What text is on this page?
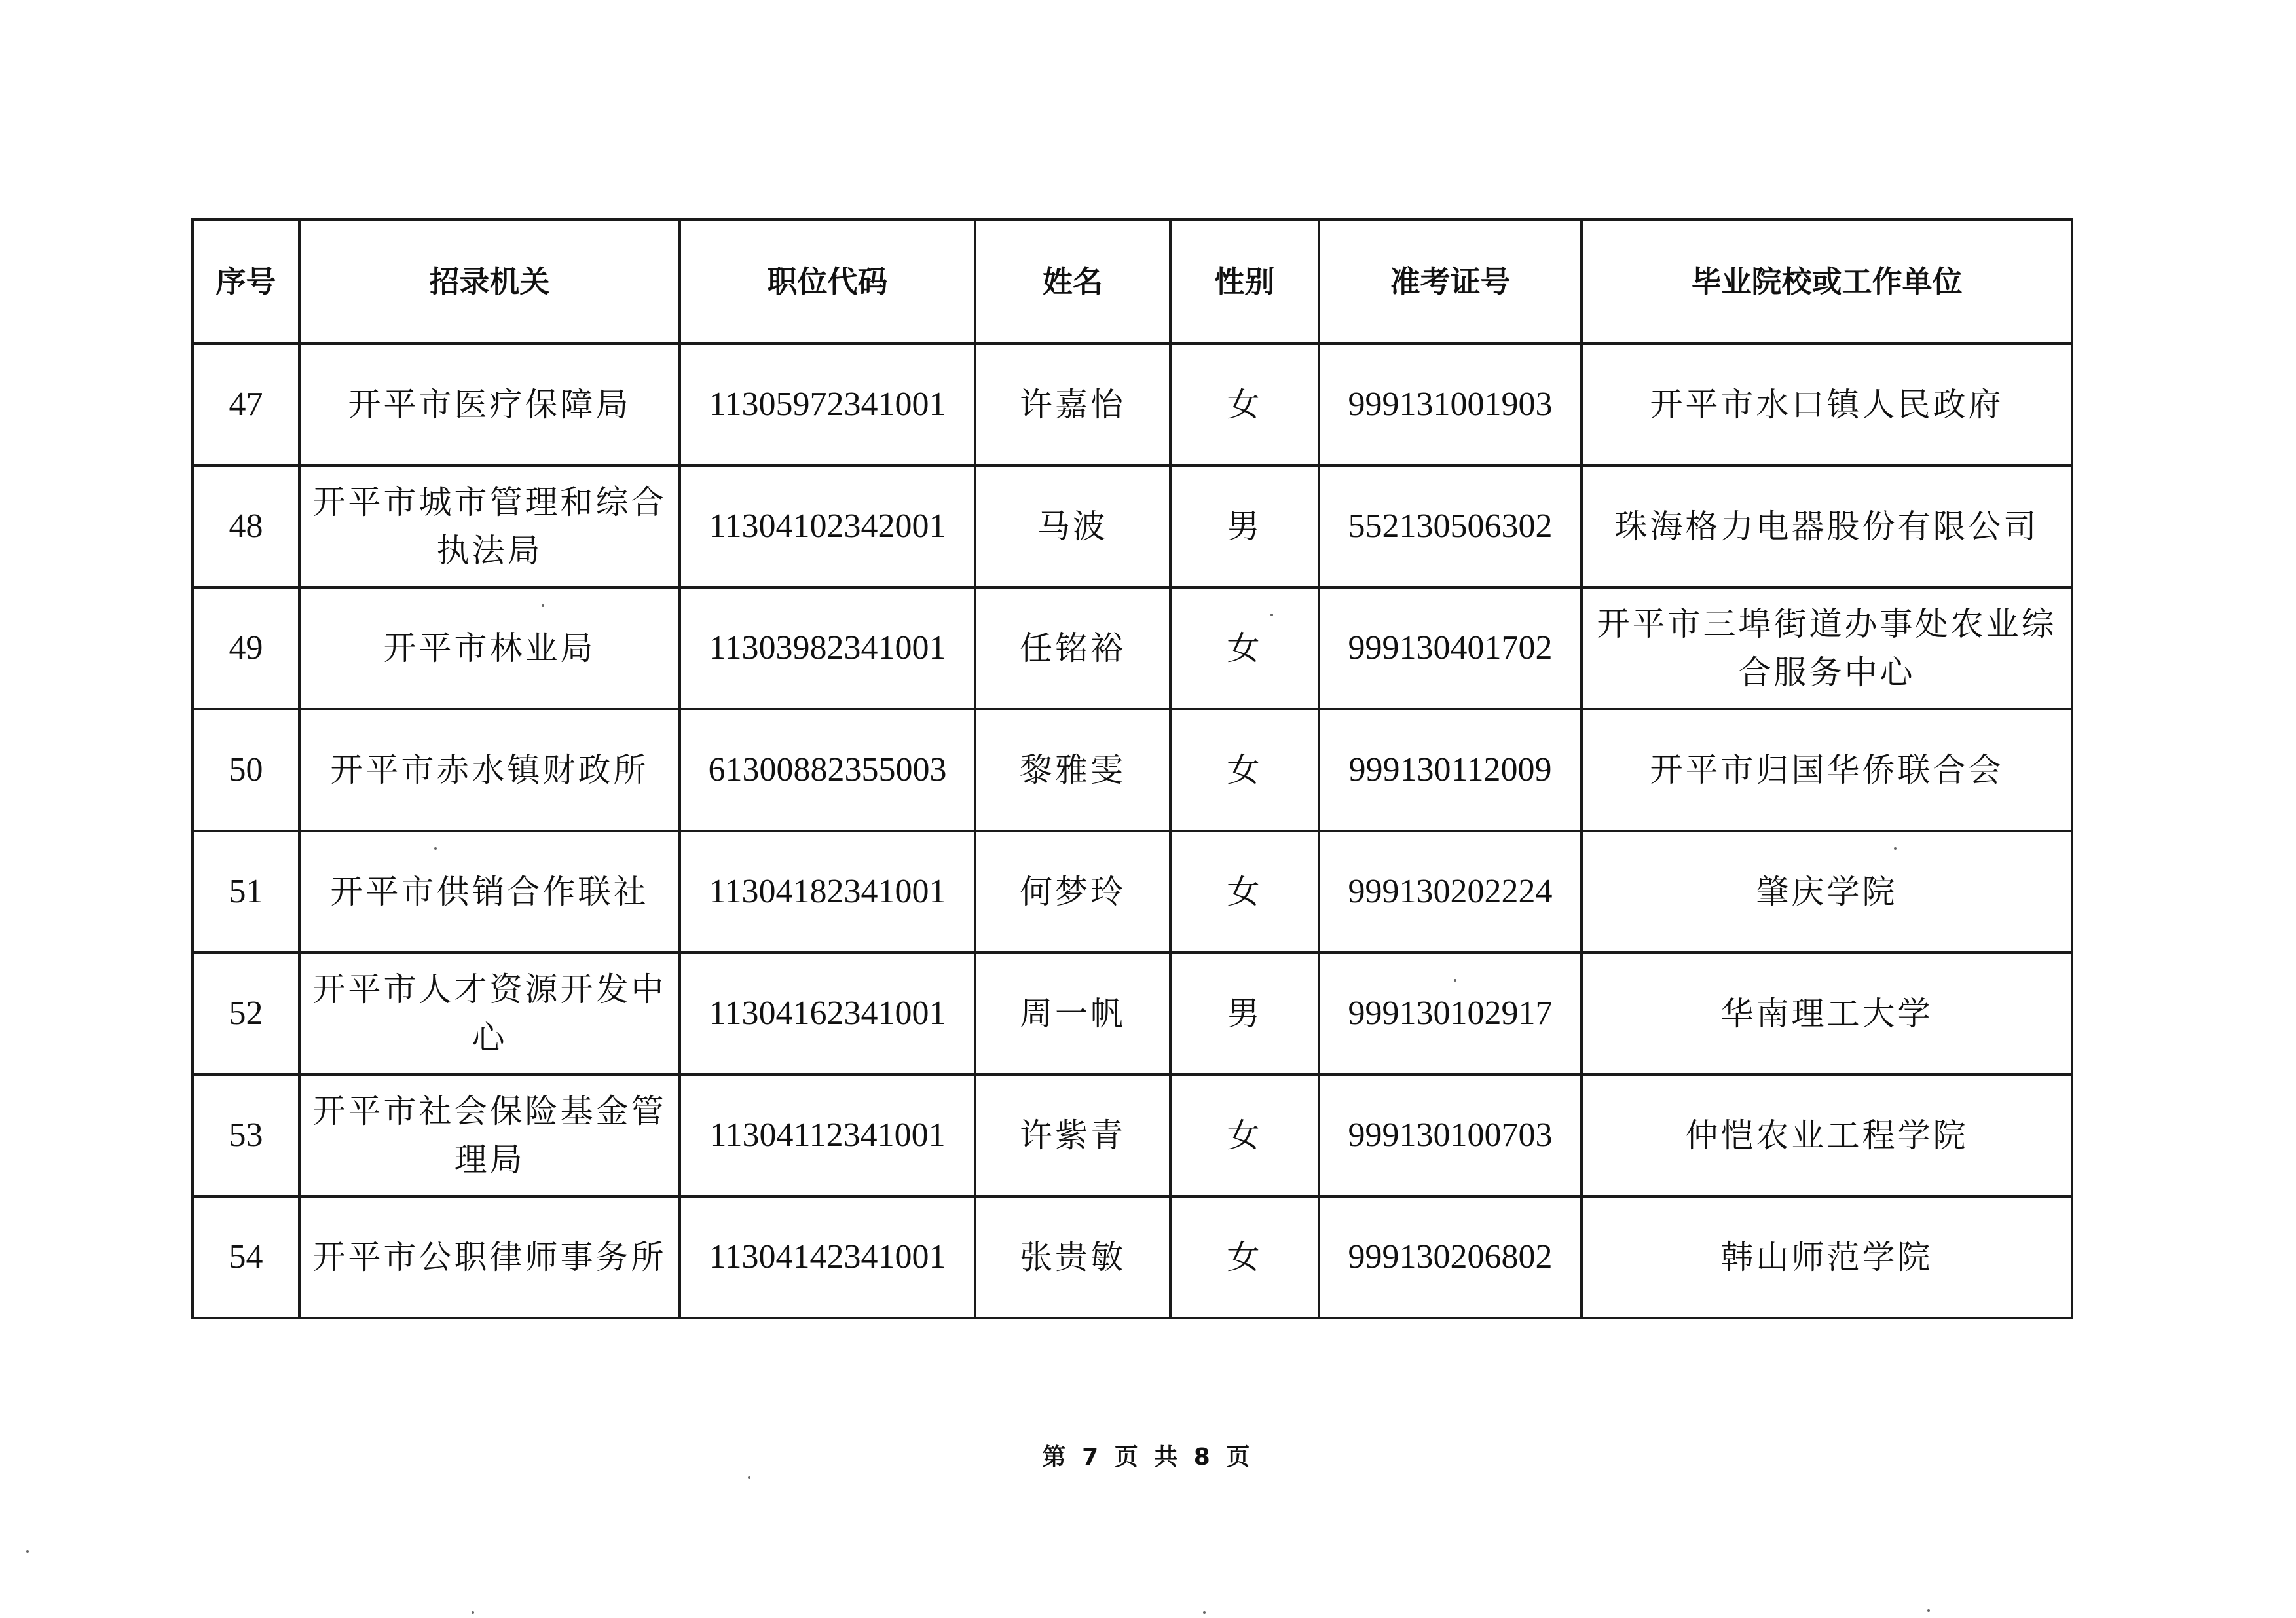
序号	招录机关	职位代码	姓名	性别	准考证号	毕业院校或工作单位
47	开平市医疗保障局	11305972341001	许嘉怡	女	999131001903	开平市水口镇人民政府
48	开平市城市管理和综合执法局	11304102342001	马波	男	552130506302	珠海格力电器股份有限公司
49	开平市林业局	11303982341001	任铭裕	女	999130401702	开平市三埠街道办事处农业综合服务中心
50	开平市赤水镇财政所	61300882355003	黎雅雯	女	999130112009	开平市归国华侨联合会
51	开平市供销合作联社	11304182341001	何梦玲	女	999130202224	肇庆学院
52	开平市人才资源开发中心	11304162341001	周一帆	男	999130102917	华南理工大学
53	开平市社会保险基金管理局	11304112341001	许紫青	女	999130100703	仲恺农业工程学院
54	开平市公职律师事务所	11304142341001	张贵敏	女	999130206802	韩山师范学院
第 7 页 共 8 页
